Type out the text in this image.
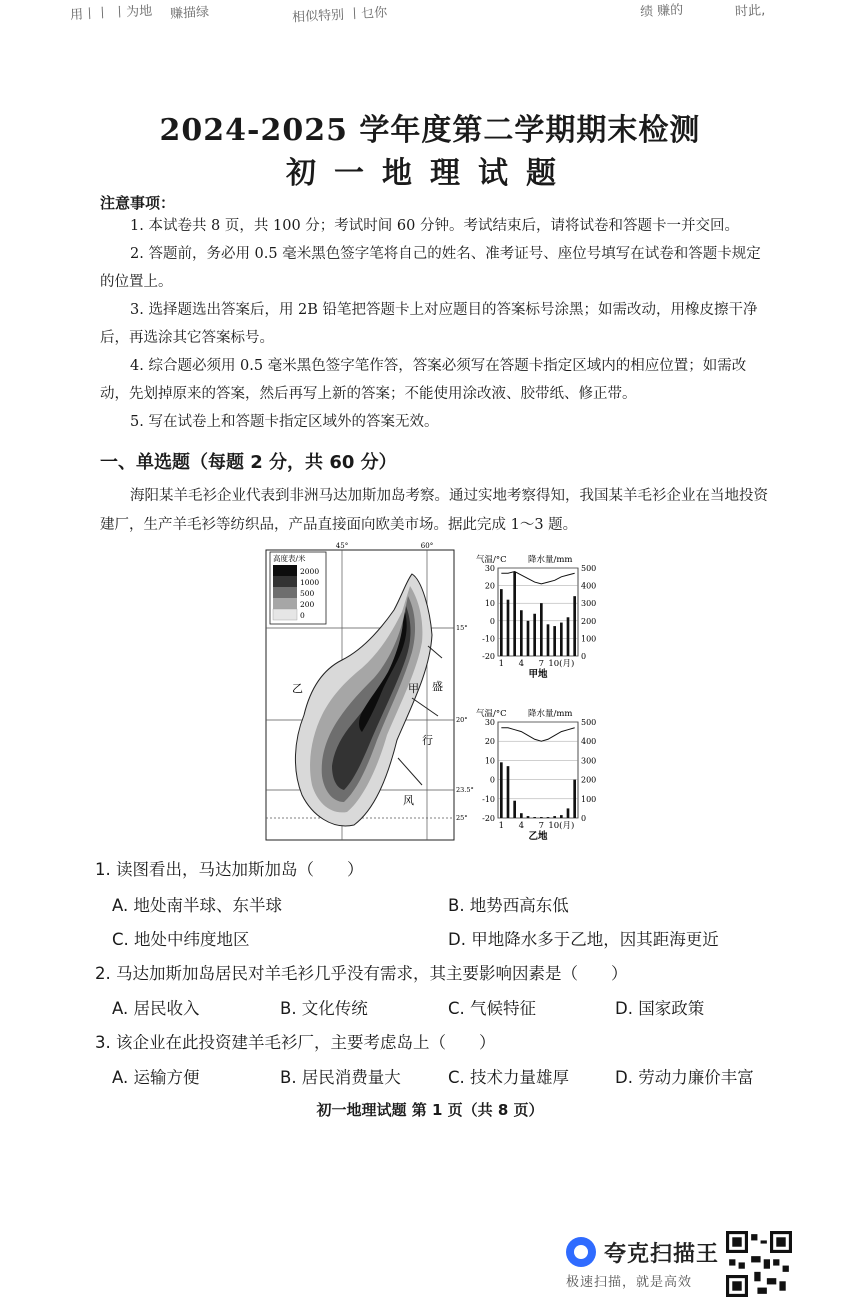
用丨丨 丨为地 赚描绿	相似特别 丨乜你	绩 赚的	时此,
2024-2025 学年度第二学期期末检测
初一地理试题
注意事项：

1. 本试卷共 8 页，共 100 分；考试时间 60 分钟。考试结束后，请将试卷和答题卡一并交回。

2. 答题前，务必用 0.5 毫米黑色签字笔将自己的姓名、准考证号、座位号填写在试卷和答题卡规定的位置上。

3. 选择题选出答案后，用 2B 铅笔把答题卡上对应题目的答案标号涂黑；如需改动，用橡皮擦干净后，再选涂其它答案标号。

4. 综合题必须用 0.5 毫米黑色签字笔作答，答案必须写在答题卡指定区域内的相应位置；如需改动，先划掉原来的答案，然后再写上新的答案；不能使用涂改液、胶带纸、修正带。

5. 写在试卷上和答题卡指定区域外的答案无效。

一、单选题（每题 2 分，共 60 分）
海阳某羊毛衫企业代表到非洲马达加斯加岛考察。通过实地考察得知，我国某羊毛衫企业在当地投资建厂，生产羊毛衫等纺织品，产品直接面向欧美市场。据此完成 1～3 题。
45°	60°
15°
20°
23.5°
25°
高度表/米
2000
1000
500
200
0
乙	甲 盛
行
风
气温/°C	降水量/mm
30
20
10
0
-10
-20
500
400
300
200
100
0
1 4 7 10(月)
甲地
气温/°C	降水量/mm
30
20
10
0
-10
-20
500
400
300
200
100
0
1 4 7 10(月)
乙地
1. 读图看出，马达加斯加岛（　　）
A. 地处南半球、东半球	B. 地势西高东低
C. 地处中纬度地区	D. 甲地降水多于乙地，因其距海更近
2. 马达加斯加岛居民对羊毛衫几乎没有需求，其主要影响因素是（　　）
A. 居民收入	B. 文化传统	C. 气候特征	D. 国家政策
3. 该企业在此投资建羊毛衫厂，主要考虑岛上（　　）
A. 运输方便	B. 居民消费量大	C. 技术力量雄厚	D. 劳动力廉价丰富
初一地理试题 第 1 页（共 8 页）
夸克扫描王
极速扫描，就是高效
